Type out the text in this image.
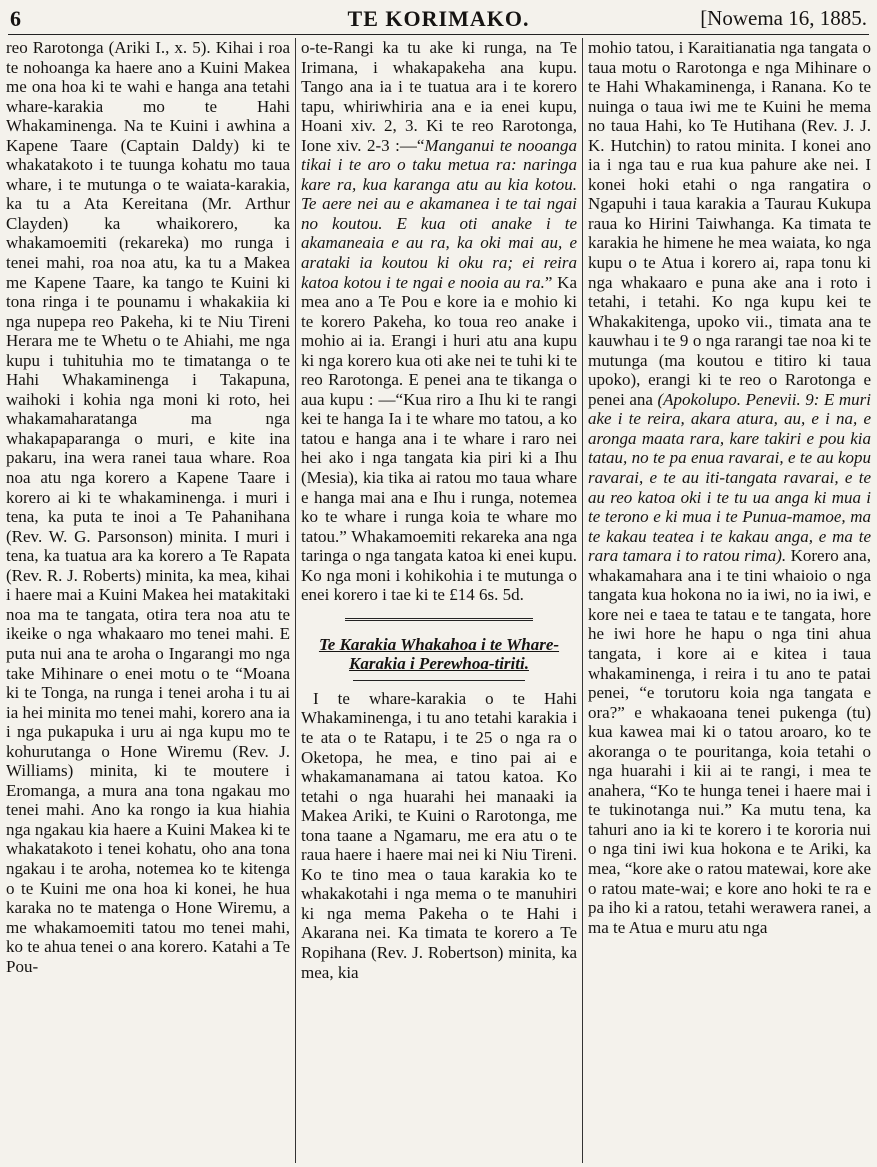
6	TE KORIMAKO.	[Nowema 16, 1885.

reo Rarotonga (Ariki I., x. 5). Kihai i roa te nohoanga ka haere ano a Kuini Makea me ona hoa ki te wahi e hanga ana tetahi whare-karakia mo te Hahi Whakaminenga. Na te Kuini i awhina a Kapene Taare (Captain Daldy) ki te whakatakoto i te tuunga kohatu mo taua whare, i te mutunga o te waiata-karakia, ka tu a Ata Kereitana (Mr. Arthur Clayden) ka whaikorero, ka whakamoemiti (rekareka) mo runga i tenei mahi, roa noa atu, ka tu a Makea me Kapene Taare, ka tango te Kuini ki tona ringa i te pounamu i whakakiia ki nga nupepa reo Pakeha, ki te Niu Tireni Herara me te Whetu o te Ahiahi, me nga kupu i tuhituhia mo te timatanga o te Hahi Whakaminenga i Takapuna, waihoki i kohia nga moni ki roto, hei whakamaharatanga ma nga whakapaparanga o muri, e kite ina pakaru, ina wera ranei taua whare. Roa noa atu nga korero a Kapene Taare i korero ai ki te whakaminenga. i muri i tena, ka puta te inoi a Te Pahanihana (Rev. W. G. Parsonson) minita. I muri i tena, ka tuatua ara ka korero a Te Rapata (Rev. R. J. Roberts) minita, ka mea, kihai i haere mai a Kuini Makea hei matakitaki noa ma te tangata, otira tera noa atu te ikeike o nga whakaaro mo tenei mahi. E puta nui ana te aroha o Ingarangi mo nga take Mihinare o enei motu o te “Moana ki te Tonga, na runga i tenei aroha i tu ai ia hei minita mo tenei mahi, korero ana ia i nga pukapuka i uru ai nga kupu mo te kohurutanga o Hone Wiremu (Rev. J. Williams) minita, ki te moutere i Eromanga, a mura ana tona ngakau mo tenei mahi. Ano ka rongo ia kua hiahia nga ngakau kia haere a Kuini Makea ki te whakatakoto i tenei kohatu, oho ana tona ngakau i te aroha, notemea ko te kitenga o te Kuini me ona hoa ki konei, he hua karaka no te matenga o Hone Wiremu, a me whakamoemiti tatou mo tenei mahi, ko te ahua tenei o ana korero. Katahi a Te Pou-

o-te-Rangi ka tu ake ki runga, na Te Irimana, i whakapakeha ana kupu. Tango ana ia i te tuatua ara i te korero tapu, whiriwhiria ana e ia enei kupu, Hoani xiv. 2, 3. Ki te reo Rarotonga, Ione xiv. 2-3 :—“Manganui te nooanga tikai i te aro o taku metua ra: naringa kare ra, kua karanga atu au kia kotou. Te aere nei au e akamanea i te tai ngai no koutou. E kua oti anake i te akamaneaia e au ra, ka oki mai au, e arataki ia koutou ki oku ra; ei reira katoa kotou i te ngai e nooia au ra.” Ka mea ano a Te Pou e kore ia e mohio ki te korero Pakeha, ko toua reo anake i mohio ai ia. Erangi i huri atu ana kupu ki nga korero kua oti ake nei te tuhi ki te reo Rarotonga. E penei ana te tikanga o aua kupu : —“Kua riro a Ihu ki te rangi kei te hanga Ia i te whare mo tatou, a ko tatou e hanga ana i te whare i raro nei hei ako i nga tangata kia piri ki a Ihu (Mesia), kia tika ai ratou mo taua whare e hanga mai ana e Ihu i runga, notemea ko te whare i runga koia te whare mo tatou.” Whakamoemiti rekareka ana nga taringa o nga tangata katoa ki enei kupu. Ko nga moni i kohikohia i te mutunga o enei korero i tae ki te £14 6s. 5d.

Te Karakia Whakahoa i te Whare-Karakia i Perewhoa-tiriti.

I te whare-karakia o te Hahi Whakaminenga, i tu ano tetahi karakia i te ata o te Ratapu, i te 25 o nga ra o Oketopa, he mea, e tino pai ai e whakamanamana ai tatou katoa. Ko tetahi o nga huarahi hei manaaki ia Makea Ariki, te Kuini o Rarotonga, me tona taane a Ngamaru, me era atu o te raua haere i haere mai nei ki Niu Tireni. Ko te tino mea o taua karakia ko te whakakotahi i nga mema o te manuhiri ki nga mema Pakeha o te Hahi i Akarana nei. Ka timata te korero a Te Ropihana (Rev. J. Robertson) minita, ka mea, kia

mohio tatou, i Karaitianatia nga tangata o taua motu o Rarotonga e nga Mihinare o te Hahi Whakaminenga, i Ranana. Ko te nuinga o taua iwi me te Kuini he mema no taua Hahi, ko Te Hutihana (Rev. J. J. K. Hutchin) to ratou minita. I konei ano ia i nga tau e rua kua pahure ake nei. I konei hoki etahi o nga rangatira o Ngapuhi i taua karakia a Taurau Kukupa raua ko Hirini Taiwhanga. Ka timata te karakia he himene he mea waiata, ko nga kupu o te Atua i korero ai, rapa tonu ki nga whakaaro e puna ake ana i roto i tetahi, i tetahi. Ko nga kupu kei te Whakakitenga, upoko vii., timata ana te kauwhau i te 9 o nga rarangi tae noa ki te mutunga (ma koutou e titiro ki taua upoko), erangi ki te reo o Rarotonga e penei ana (Apokolupo. Penevii. 9: E muri ake i te reira, akara atura, au, e i na, e aronga maata rara, kare takiri e pou kia tatau, no te pa enua ravarai, e te au kopu ravarai, e te au iti-tangata ravarai, e te au reo katoa oki i te tu ua anga ki mua i te terono e ki mua i te Punua-mamoe, ma te kakau teatea i te kakau anga, e ma te rara tamara i to ratou rima). Korero ana, whakamahara ana i te tini whaioio o nga tangata kua hokona no ia iwi, no ia iwi, e kore nei e taea te tatau e te tangata, hore he iwi hore he hapu o nga tini ahua tangata, i kore ai e kitea i taua whakaminenga, i reira i tu ano te patai penei, “e torutoru koia nga tangata e ora?” e whakaoana tenei pukenga (tu) kua kawea mai ki o tatou aroaro, ko te akoranga o te pouritanga, koia tetahi o nga huarahi i kii ai te rangi, i mea te anahera, “Ko te hunga tenei i haere mai i te tukinotanga nui.” Ka mutu tena, ka tahuri ano ia ki te korero i te kororia nui o nga tini iwi kua hokona e te Ariki, ka mea, “kore ake o ratou matewai, kore ake o ratou mate-wai; e kore ano hoki te ra e pa iho ki a ratou, tetahi werawera ranei, a ma te Atua e muru atu nga
